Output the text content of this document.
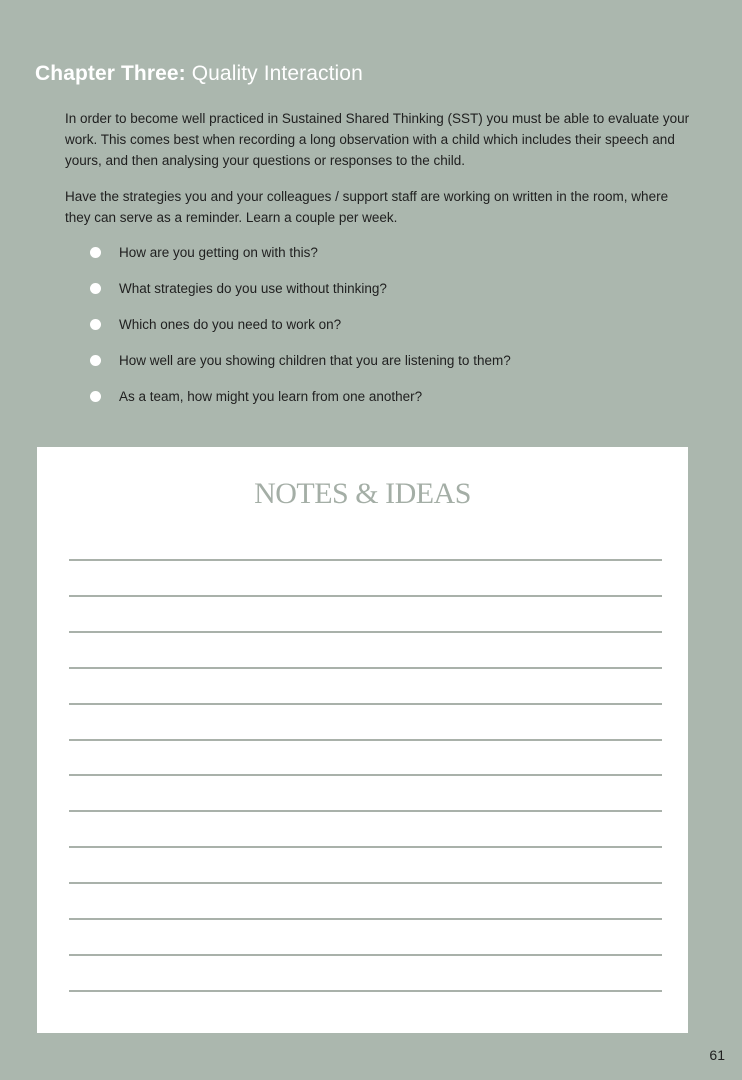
Chapter Three: Quality Interaction

In order to become well practiced in Sustained Shared Thinking (SST) you must be able to evaluate your work. This comes best when recording a long observation with a child which includes their speech and yours, and then analysing your questions or responses to the child.

Have the strategies you and your colleagues / support staff are working on written in the room, where they can serve as a reminder. Learn a couple per week.

How are you getting on with this?
What strategies do you use without thinking?
Which ones do you need to work on?
How well are you showing children that you are listening to them?
As a team, how might you learn from one another?
NOTES & IDEAS
61
